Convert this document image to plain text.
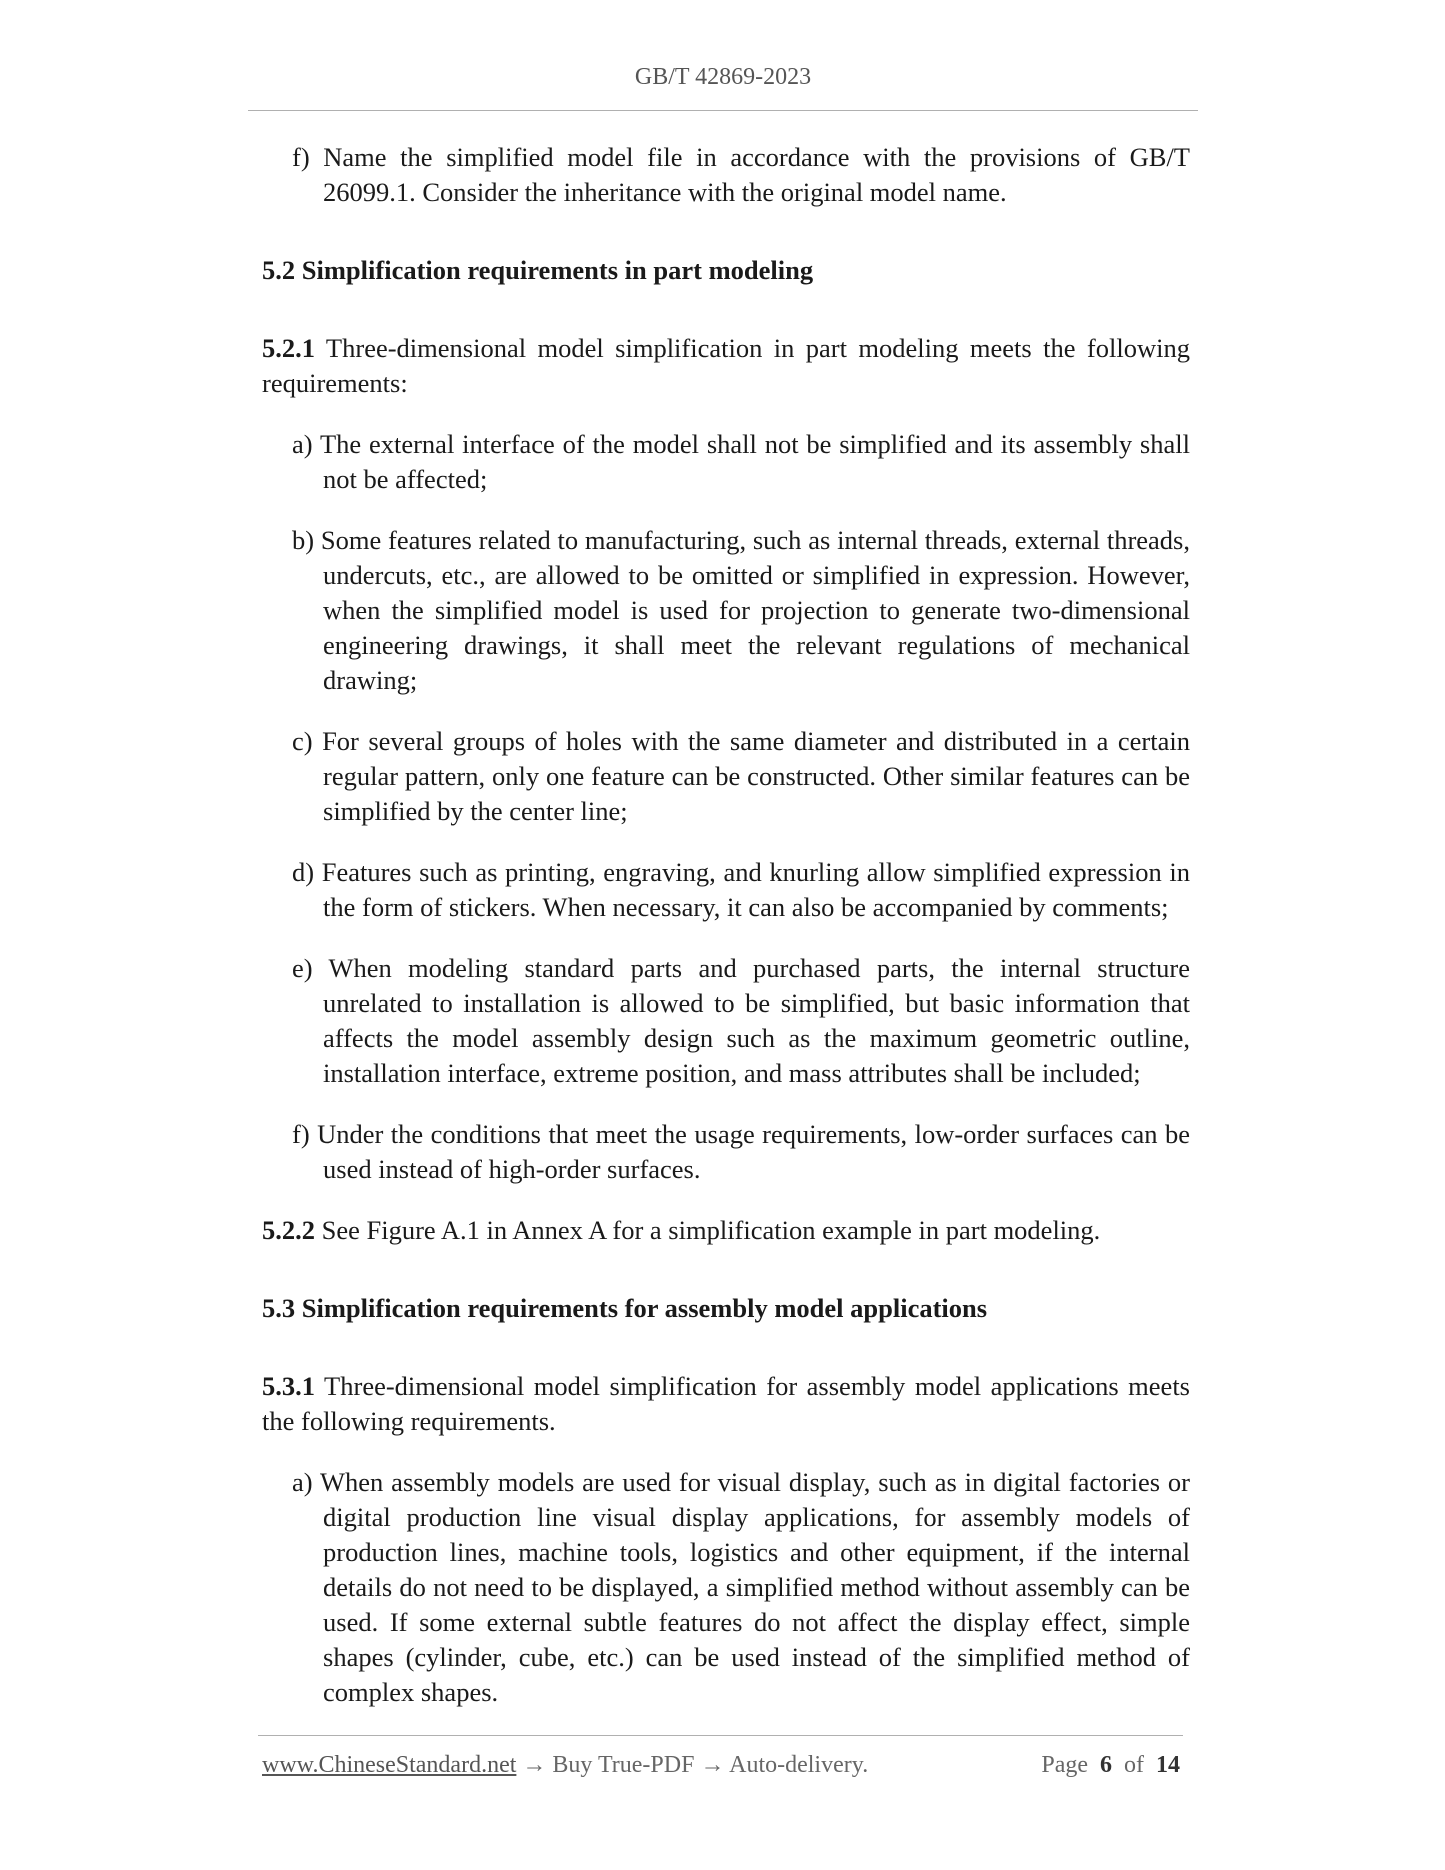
GB/T 42869-2023
f) Name the simplified model file in accordance with the provisions of GB/T 26099.1. Consider the inheritance with the original model name.
5.2 Simplification requirements in part modeling
5.2.1 Three-dimensional model simplification in part modeling meets the following requirements:
a) The external interface of the model shall not be simplified and its assembly shall not be affected;
b) Some features related to manufacturing, such as internal threads, external threads, undercuts, etc., are allowed to be omitted or simplified in expression. However, when the simplified model is used for projection to generate two-dimensional engineering drawings, it shall meet the relevant regulations of mechanical drawing;
c) For several groups of holes with the same diameter and distributed in a certain regular pattern, only one feature can be constructed. Other similar features can be simplified by the center line;
d) Features such as printing, engraving, and knurling allow simplified expression in the form of stickers. When necessary, it can also be accompanied by comments;
e) When modeling standard parts and purchased parts, the internal structure unrelated to installation is allowed to be simplified, but basic information that affects the model assembly design such as the maximum geometric outline, installation interface, extreme position, and mass attributes shall be included;
f) Under the conditions that meet the usage requirements, low-order surfaces can be used instead of high-order surfaces.
5.2.2 See Figure A.1 in Annex A for a simplification example in part modeling.
5.3 Simplification requirements for assembly model applications
5.3.1 Three-dimensional model simplification for assembly model applications meets the following requirements.
a) When assembly models are used for visual display, such as in digital factories or digital production line visual display applications, for assembly models of production lines, machine tools, logistics and other equipment, if the internal details do not need to be displayed, a simplified method without assembly can be used. If some external subtle features do not affect the display effect, simple shapes (cylinder, cube, etc.) can be used instead of the simplified method of complex shapes.
www.ChineseStandard.net → Buy True-PDF → Auto-delivery.	Page 6 of 14
